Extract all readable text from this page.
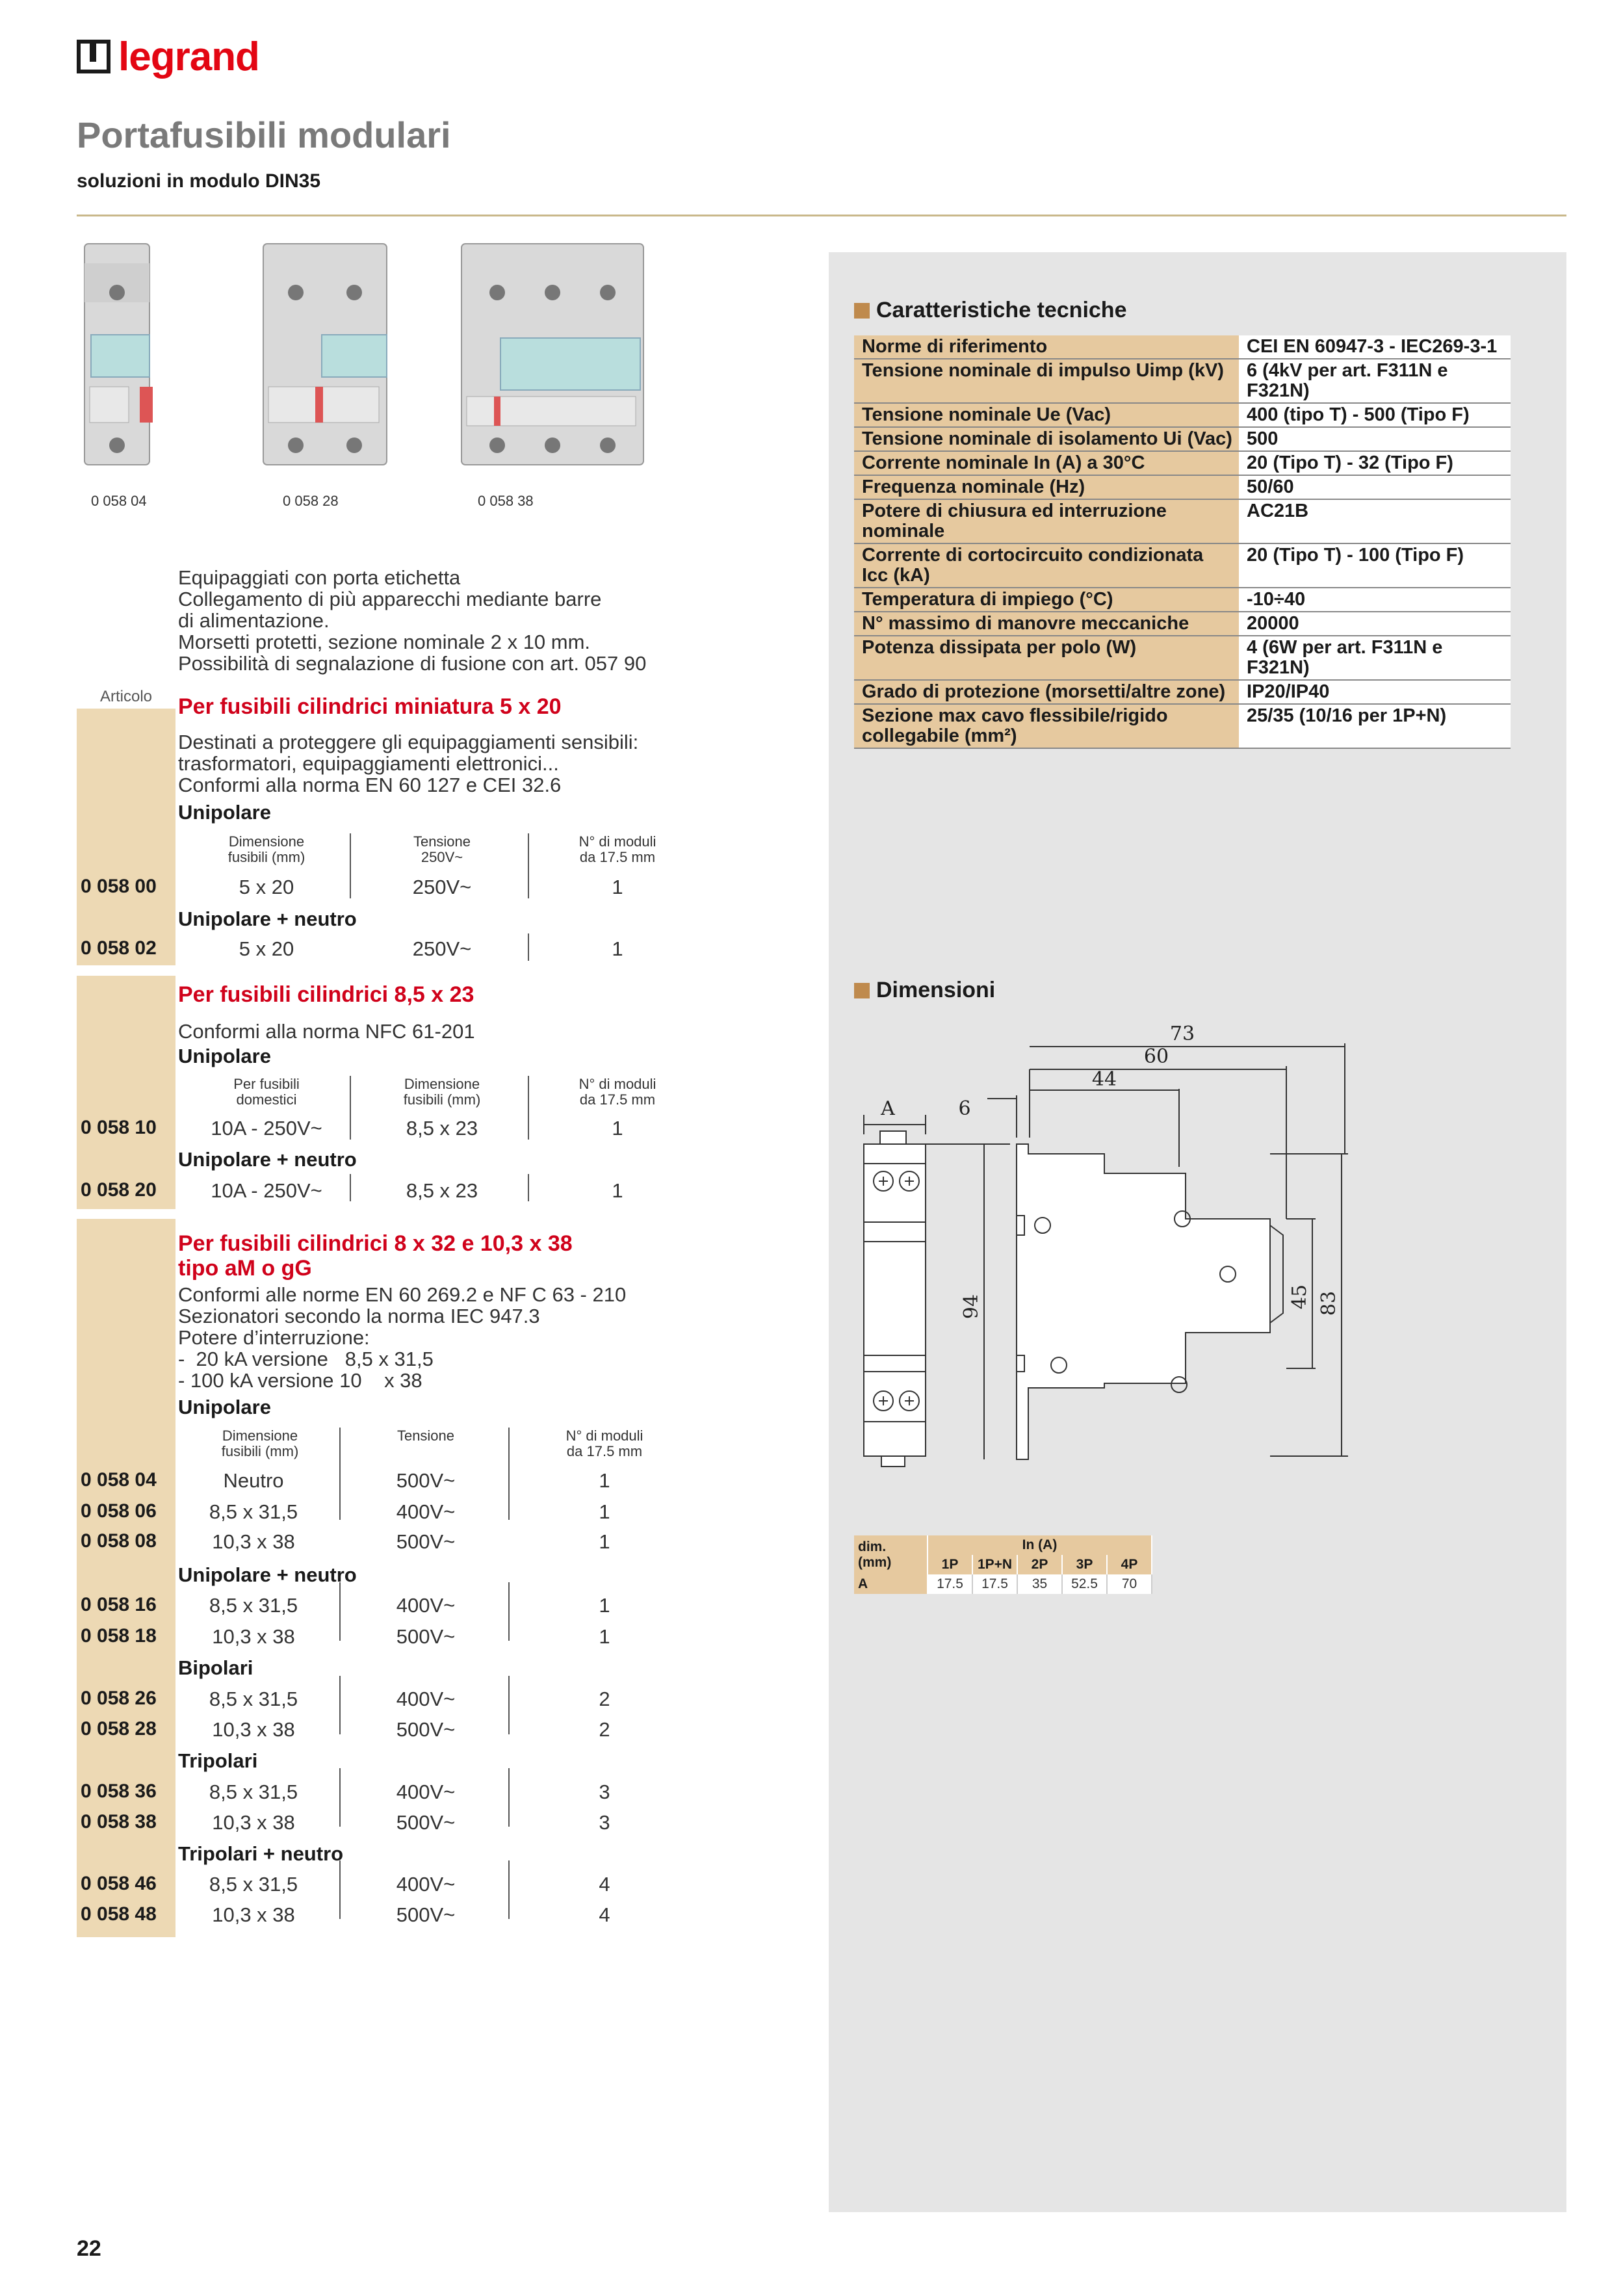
legrand
Portafusibili modulari
soluzioni in modulo DIN35
0 058 04	0 058 28	0 058 38
Equipaggiati con porta etichetta
Collegamento di più apparecchi mediante barre
di alimentazione.
Morsetti protetti, sezione nominale 2 x 10 mm.
Possibilità di segnalazione di fusione con art. 057 90
Articolo	Per fusibili cilindrici miniatura 5 x 20
Destinati a proteggere gli equipaggiamenti sensibili:
trasformatori, equipaggiamenti elettronici...
Conformi alla norma EN 60 127 e CEI 32.6
Unipolare
Dimensione
fusibili (mm)
Tensione
250V~
N° di moduli
da 17.5 mm
0 058 00	5 x 20	250V~	1
Unipolare + neutro
0 058 02	5 x 20	250V~	1
Per fusibili cilindrici 8,5 x 23
Conformi alla norma NFC 61-201
Unipolare
Per fusibili
domestici
Dimensione
fusibili (mm)
N° di moduli
da 17.5 mm
0 058 10	10A - 250V~	8,5 x 23	1
Unipolare + neutro
0 058 20	10A - 250V~	8,5 x 23	1
Per fusibili cilindrici 8 x 32 e 10,3 x 38
tipo aM o gG
Conformi alle norme EN 60 269.2 e NF C 63 - 210
Sezionatori secondo la norma IEC 947.3
Potere d’interruzione:
-  20 kA versione   8,5 x 31,5
- 100 kA versione 10    x 38
Unipolare
Dimensione
fusibili (mm)
Tensione	N° di moduli
da 17.5 mm
0 058 04	Neutro	500V~	1
0 058 06	8,5 x 31,5	400V~	1
0 058 08	10,3 x 38	500V~	1
Unipolare + neutro
0 058 16	8,5 x 31,5	400V~	1
0 058 18	10,3 x 38	500V~	1
Bipolari
0 058 26	8,5 x 31,5	400V~	2
0 058 28	10,3 x 38	500V~	2
Tripolari
0 058 36	8,5 x 31,5	400V~	3
0 058 38	10,3 x 38	500V~	3
Tripolari + neutro
0 058 46	8,5 x 31,5	400V~	4
0 058 48	10,3 x 38	500V~	4
Caratteristiche tecniche
Norme di riferimento	CEI EN 60947-3 - IEC269-3-1
Tensione nominale di impulso Uimp (kV)	6 (4kV per art. F311N e F321N)
Tensione nominale Ue (Vac)	400 (tipo T) - 500 (Tipo F)
Tensione nominale di isolamento Ui (Vac)	500
Corrente nominale In (A) a 30°C	20 (Tipo T) - 32 (Tipo F)
Frequenza nominale (Hz)	50/60
Potere di chiusura ed interruzione nominale	AC21B
Corrente di cortocircuito condizionata Icc (kA)	20 (Tipo T) - 100 (Tipo F)
Temperatura di impiego (°C)	-10÷40
N° massimo di manovre meccaniche	20000
Potenza dissipata per polo (W)	4 (6W per art. F311N e F321N)
Grado di protezione (morsetti/altre zone)	IP20/IP40
Sezione max cavo flessibile/rigido collegabile (mm²)	25/35 (10/16 per 1P+N)
Dimensioni
A
73
60
44
6
94	45 83
dim.
(mm)	In (A)				
	1P	1P+N	2P	3P	4P
A	17.5	17.5	35	52.5	70
22
